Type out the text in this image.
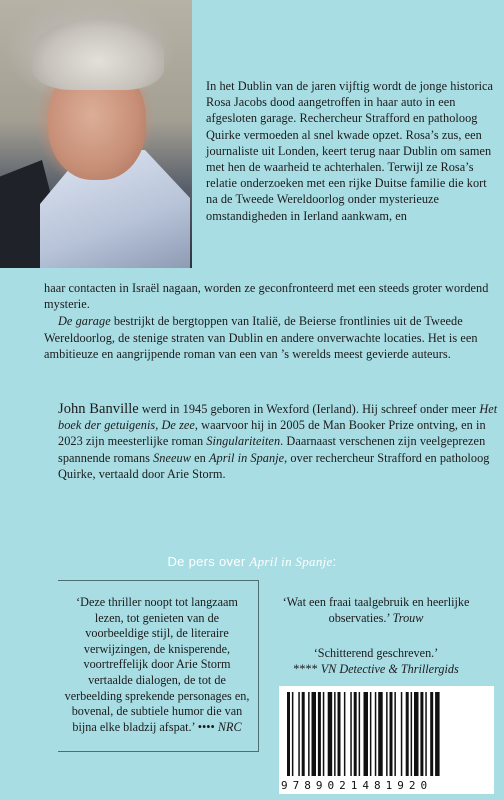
In het Dublin van de jaren vijftig wordt de jonge historica Rosa Jacobs dood aangetroffen in haar auto in een afgesloten garage. Rechercheur Strafford en patholoog Quirke vermoeden al snel kwade opzet. Rosa’s zus, een journaliste uit Londen, keert terug naar Dublin om samen met hen de waarheid te achterhalen. Terwijl ze Rosa’s relatie onderzoeken met een rijke Duitse familie die kort na de Tweede Wereldoorlog onder mysterieuze omstandigheden in Ierland aankwam, en

haar contacten in Israël nagaan, worden ze geconfronteerd met een steeds groter wordend mysterie.

De garage bestrijkt de bergtoppen van Italië, de Beierse frontlinies uit de Tweede Wereldoorlog, de stenige straten van Dublin en andere onverwachte locaties. Het is een ambitieuze en aangrijpende roman van een van ’s werelds meest gevierde auteurs.

John Banville werd in 1945 geboren in Wexford (Ierland). Hij schreef onder meer Het boek der getuigenis, De zee, waarvoor hij in 2005 de Man Booker Prize ontving, en in 2023 zijn meesterlijke roman Singulariteiten. Daarnaast verschenen zijn veelgeprezen spannende romans Sneeuw en April in Spanje, over rechercheur Strafford en patholoog Quirke, vertaald door Arie Storm.

De pers over April in Spanje:

‘Deze thriller noopt tot langzaam lezen, tot genieten van de voorbeeldige stijl, de literaire verwijzingen, de knisperende, voortreffelijk door Arie Storm vertaalde dialogen, de tot de verbeelding sprekende personages en, bovenal, de subtiele humor die van bijna elke bladzij afspat.’ •••• NRC

‘Wat een fraai taalgebruik en heerlijke observaties.’ Trouw

‘Schitterend geschreven.’
**** VN Detective & Thrillergids

9789021481920
